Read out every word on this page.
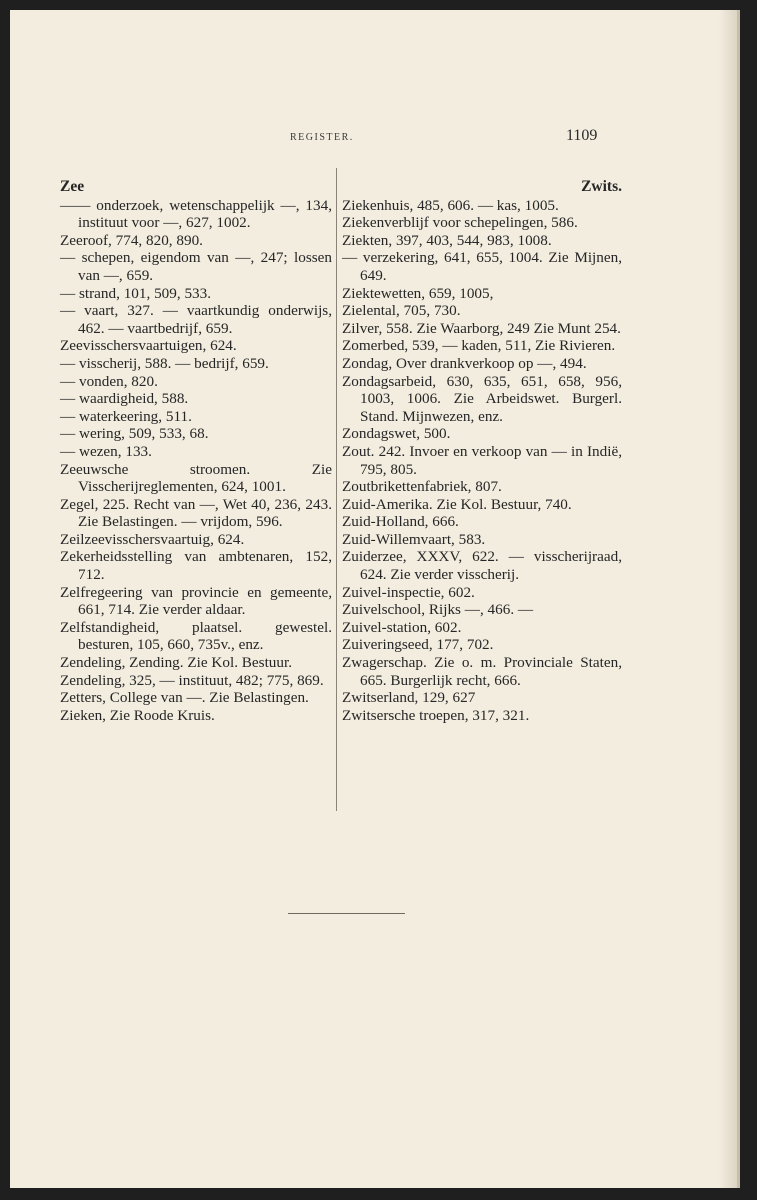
REGISTER.	1109
Zee

—— onderzoek, wetenschappelijk —, 134, instituut voor —, 627, 1002.

Zeeroof, 774, 820, 890.

— schepen, eigendom van —, 247; lossen van —, 659.

— strand, 101, 509, 533.

— vaart, 327. — vaartkundig onderwijs, 462. — vaartbedrijf, 659.

Zeevisschersvaartuigen, 624.

— visscherij, 588. — bedrijf, 659.

— vonden, 820.

— waardigheid, 588.

— waterkeering, 511.

— wering, 509, 533, 68.

— wezen, 133.

Zeeuwsche stroomen. Zie Visscherijreglementen, 624, 1001.

Zegel, 225. Recht van —, Wet 40, 236, 243. Zie Belastingen. — vrijdom, 596.

Zeilzeevisschersvaartuig, 624.

Zekerheidsstelling van ambtenaren, 152, 712.

Zelfregeering van provincie en gemeente, 661, 714. Zie verder aldaar.

Zelfstandigheid, plaatsel. gewestel. besturen, 105, 660, 735v., enz.

Zendeling, Zending. Zie Kol. Bestuur.

Zendeling, 325, — instituut, 482; 775, 869.

Zetters, College van —. Zie Belastingen.

Zieken, Zie Roode Kruis.

Zwits.

Ziekenhuis, 485, 606. — kas, 1005.

Ziekenverblijf voor schepelingen, 586.

Ziekten, 397, 403, 544, 983, 1008.

— verzekering, 641, 655, 1004. Zie Mijnen, 649.

Ziektewetten, 659, 1005,

Zielental, 705, 730.

Zilver, 558. Zie Waarborg, 249 Zie Munt 254.

Zomerbed, 539, — kaden, 511, Zie Rivieren.

Zondag, Over drankverkoop op —, 494.

Zondagsarbeid, 630, 635, 651, 658, 956, 1003, 1006. Zie Arbeidswet. Burgerl. Stand. Mijnwezen, enz.

Zondagswet, 500.

Zout. 242. Invoer en verkoop van — in Indië, 795, 805.

Zoutbrikettenfabriek, 807.

Zuid-Amerika. Zie Kol. Bestuur, 740.

Zuid-Holland, 666.

Zuid-Willemvaart, 583.

Zuiderzee, XXXV, 622. — visscherijraad, 624. Zie verder visscherij.

Zuivel-inspectie, 602.

Zuivelschool, Rijks —, 466. —

Zuivel-station, 602.

Zuiveringseed, 177, 702.

Zwagerschap. Zie o. m. Provinciale Staten, 665. Burgerlijk recht, 666.

Zwitserland, 129, 627

Zwitsersche troepen, 317, 321.
